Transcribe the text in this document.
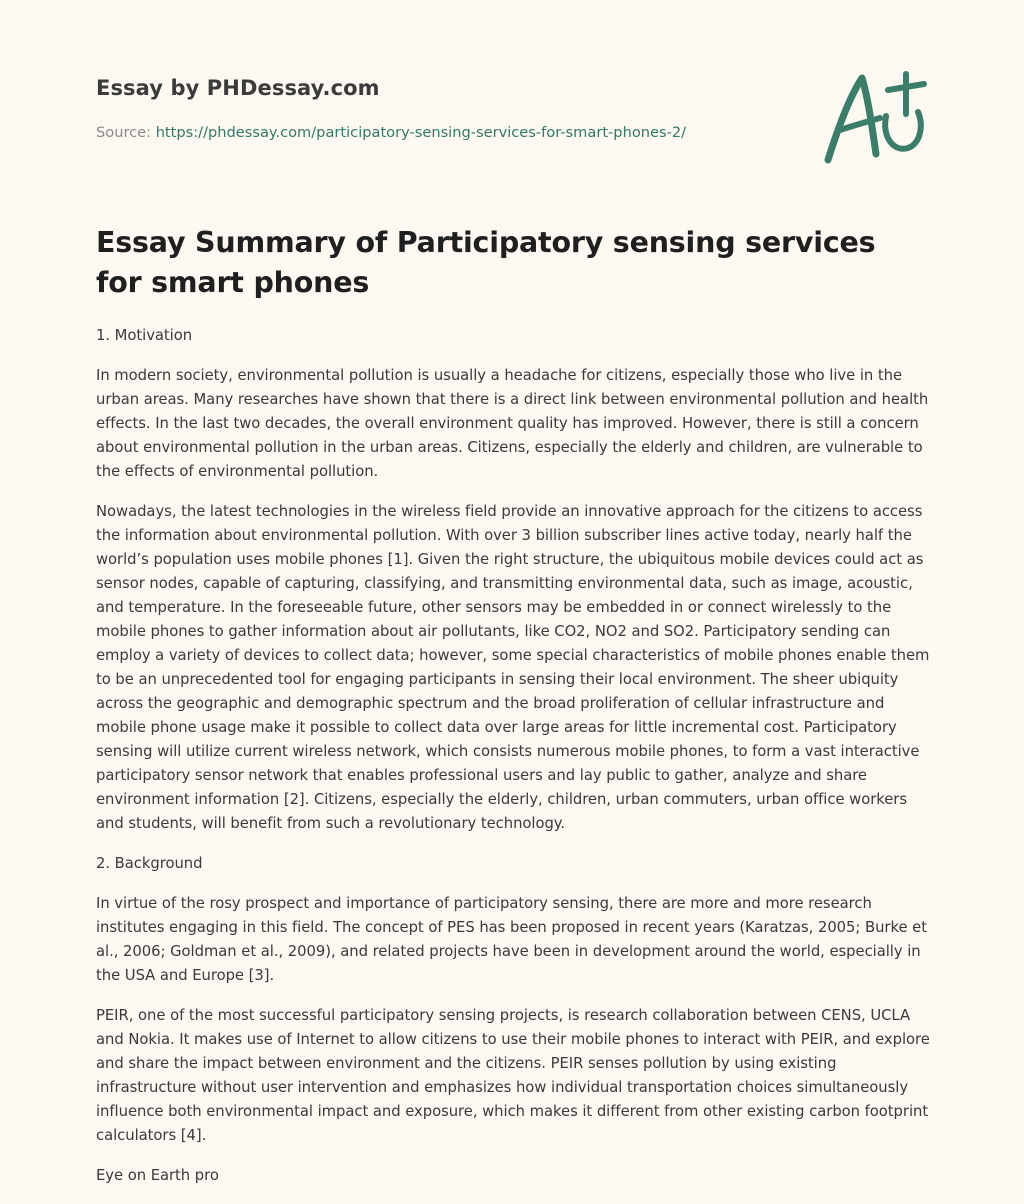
Essay by PHDessay.com
Source: https://phdessay.com/participatory-sensing-services-for-smart-phones-2/
Essay Summary of Participatory sensing services for smart phones

1. Motivation

In modern society, environmental pollution is usually a headache for citizens, especially those who live in the urban areas. Many researches have shown that there is a direct link between environmental pollution and health effects. In the last two decades, the overall environment quality has improved. However, there is still a concern about environmental pollution in the urban areas. Citizens, especially the elderly and children, are vulnerable to the effects of environmental pollution.

Nowadays, the latest technologies in the wireless field provide an innovative approach for the citizens to access the information about environmental pollution. With over 3 billion subscriber lines active today, nearly half the world’s population uses mobile phones [1]. Given the right structure, the ubiquitous mobile devices could act as sensor nodes, capable of capturing, classifying, and transmitting environmental data, such as image, acoustic, and temperature. In the foreseeable future, other sensors may be embedded in or connect wirelessly to the mobile phones to gather information about air pollutants, like CO2, NO2 and SO2. Participatory sending can employ a variety of devices to collect data; however, some special characteristics of mobile phones enable them to be an unprecedented tool for engaging participants in sensing their local environment. The sheer ubiquity across the geographic and demographic spectrum and the broad proliferation of cellular infrastructure and mobile phone usage make it possible to collect data over large areas for little incremental cost. Participatory sensing will utilize current wireless network, which consists numerous mobile phones, to form a vast interactive participatory sensor network that enables professional users and lay public to gather, analyze and share environment information [2]. Citizens, especially the elderly, children, urban commuters, urban office workers and students, will benefit from such a revolutionary technology.

2. Background

In virtue of the rosy prospect and importance of participatory sensing, there are more and more research institutes engaging in this field. The concept of PES has been proposed in recent years (Karatzas, 2005; Burke et al., 2006; Goldman et al., 2009), and related projects have been in development around the world, especially in the USA and Europe [3].

PEIR, one of the most successful participatory sensing projects, is research collaboration between CENS, UCLA and Nokia. It makes use of Internet to allow citizens to use their mobile phones to interact with PEIR, and explore and share the impact between environment and the citizens. PEIR senses pollution by using existing infrastructure without user intervention and emphasizes how individual transportation choices simultaneously influence both environmental impact and exposure, which makes it different from other existing carbon footprint calculators [4].

Eye on Earth pro
